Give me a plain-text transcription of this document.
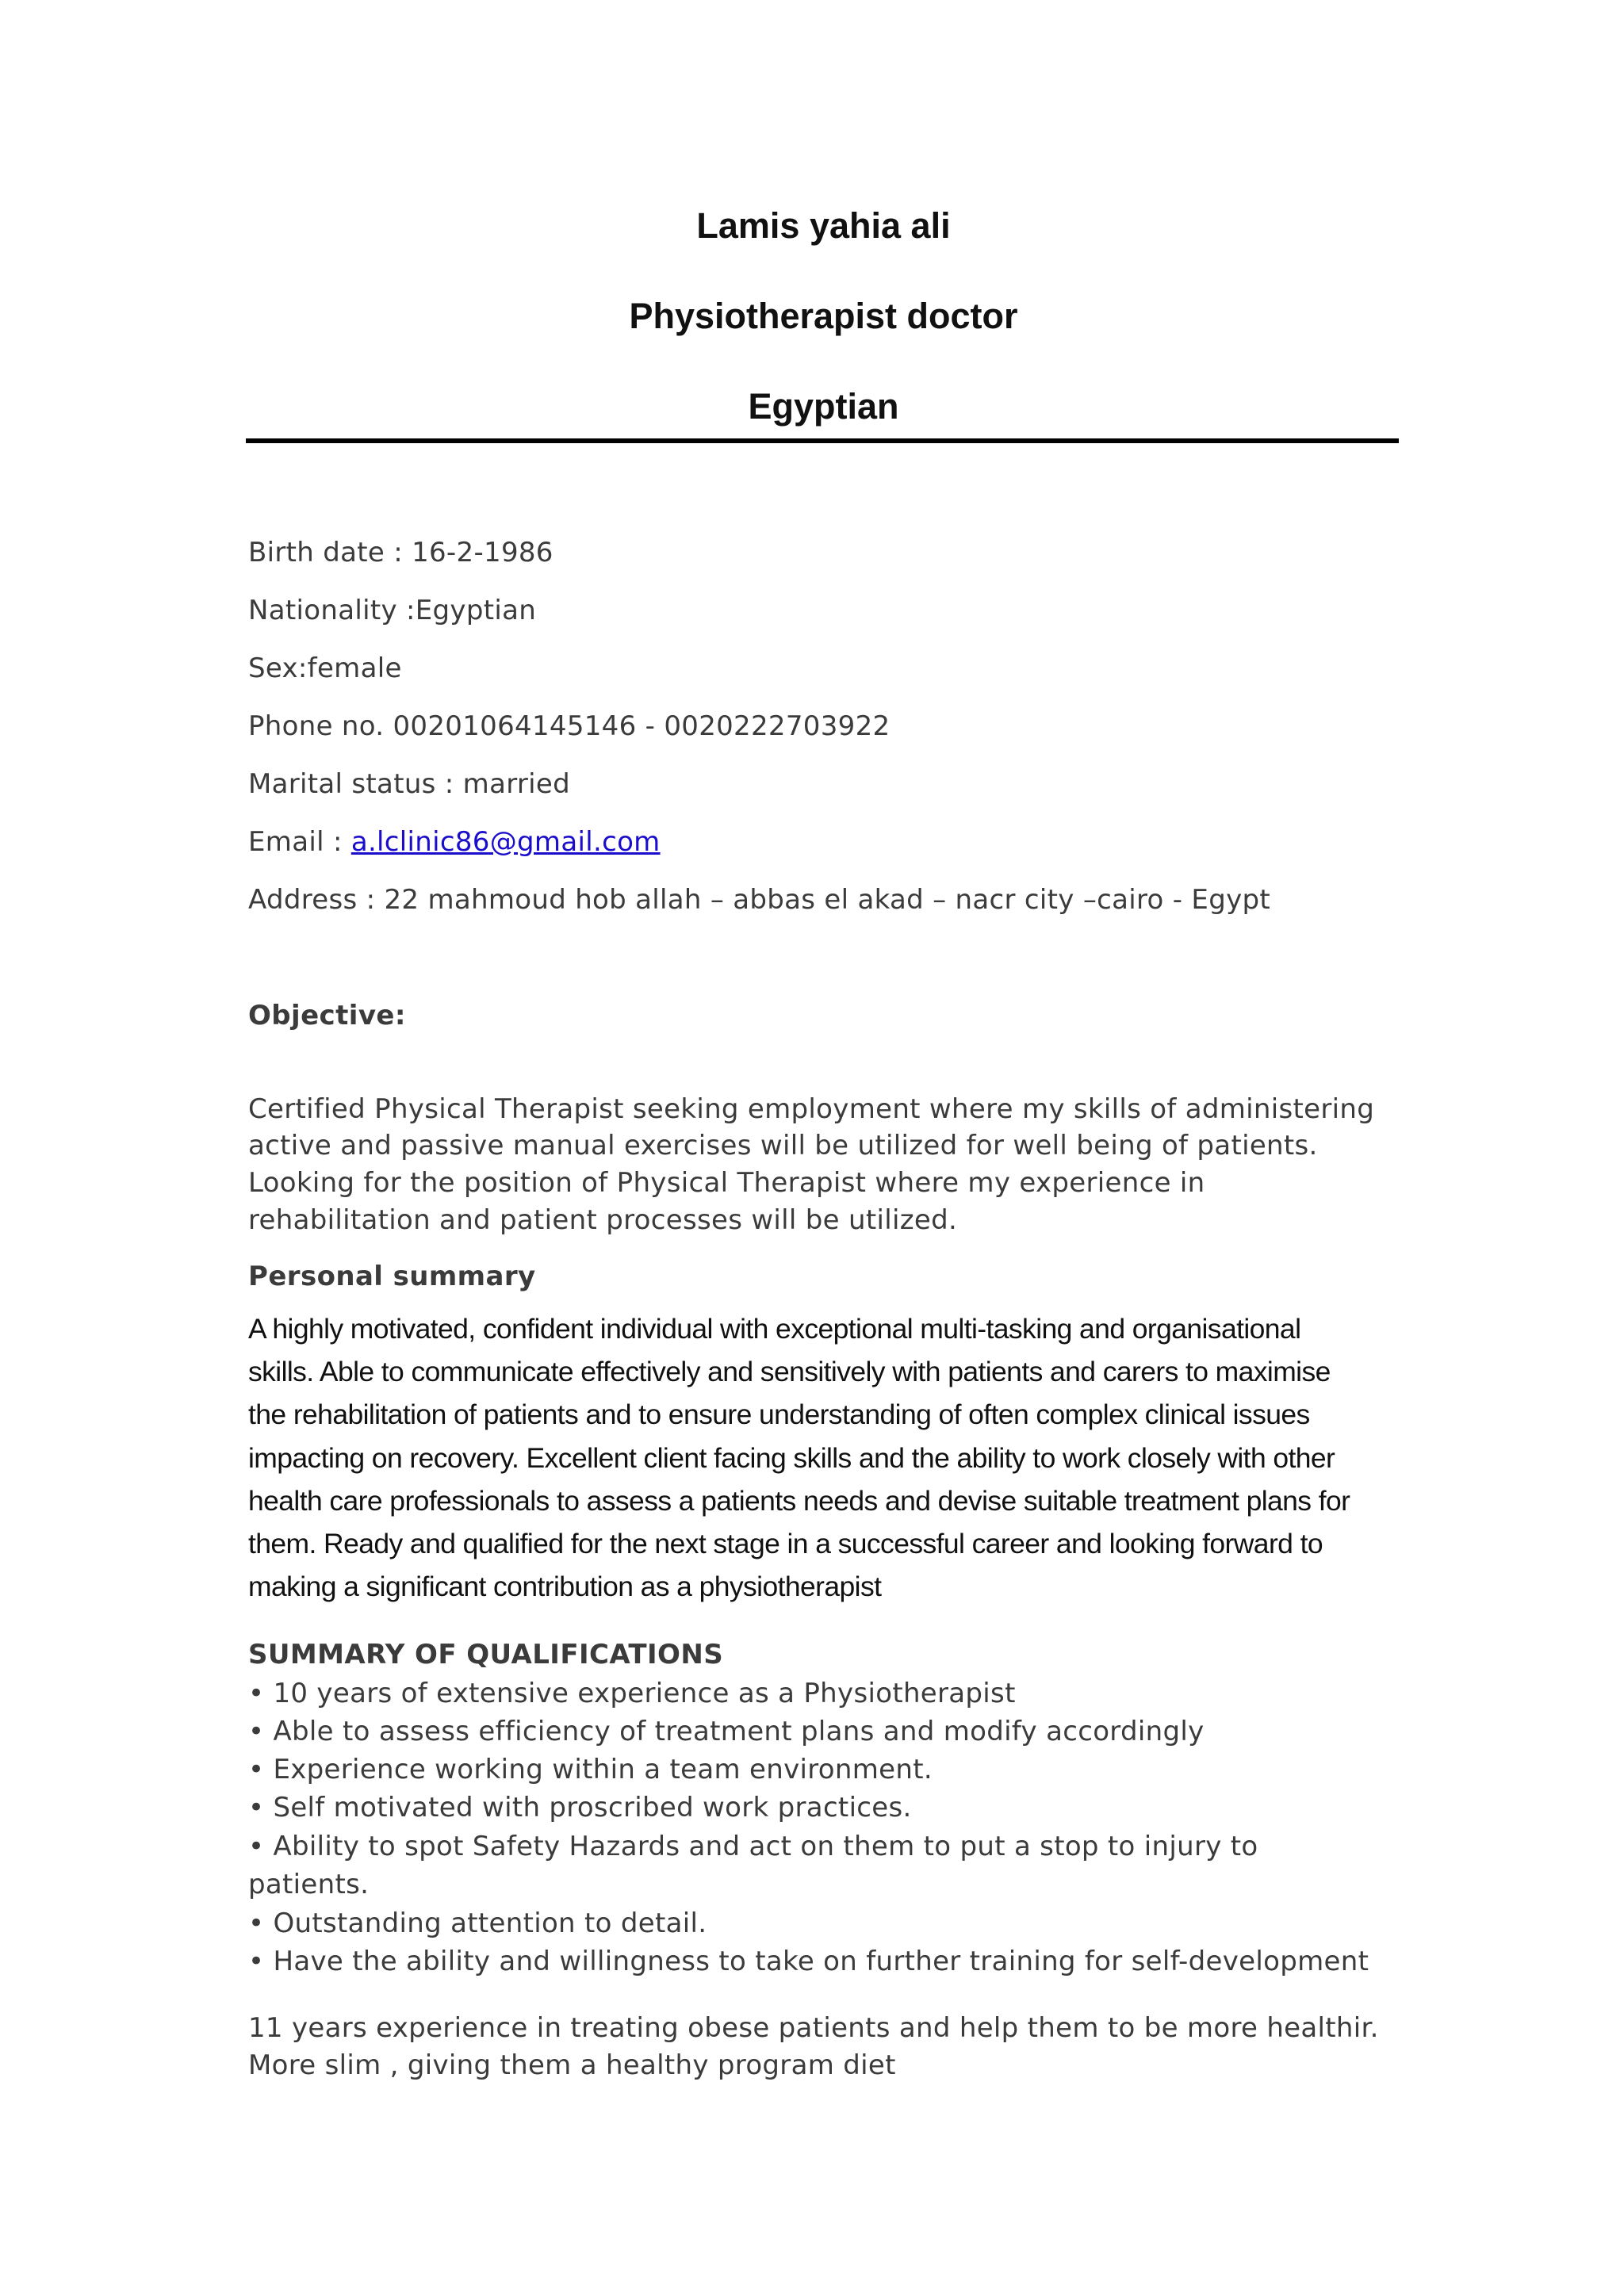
Lamis yahia ali
Physiotherapist doctor
Egyptian
Birth date : 16-2-1986
Nationality :Egyptian
Sex:female
Phone no. 00201064145146 - 0020222703922
Marital status : married
Email : a.lclinic86@gmail.com
Address : 22 mahmoud hob allah – abbas el akad – nacr city –cairo - Egypt
Objective:
Certified Physical Therapist seeking employment where my skills of administering
active and passive manual exercises will be utilized for well being of patients.
Looking for the position of Physical Therapist where my experience in
rehabilitation and patient processes will be utilized.
Personal summary
A highly motivated, confident individual with exceptional multi-tasking and organisational
skills. Able to communicate effectively and sensitively with patients and carers to maximise
the rehabilitation of patients and to ensure understanding of often complex clinical issues
impacting on recovery. Excellent client facing skills and the ability to work closely with other
health care professionals to assess a patients needs and devise suitable treatment plans for
them. Ready and qualified for the next stage in a successful career and looking forward to
making a significant contribution as a physiotherapist
SUMMARY OF QUALIFICATIONS
• 10 years of extensive experience as a Physiotherapist
• Able to assess efficiency of treatment plans and modify accordingly
• Experience working within a team environment.
• Self motivated with proscribed work practices.
• Ability to spot Safety Hazards and act on them to put a stop to injury to
patients.
• Outstanding attention to detail.
• Have the ability and willingness to take on further training for self-development
11 years experience in treating obese patients and help them to be more healthir.
More slim , giving them a healthy program diet
